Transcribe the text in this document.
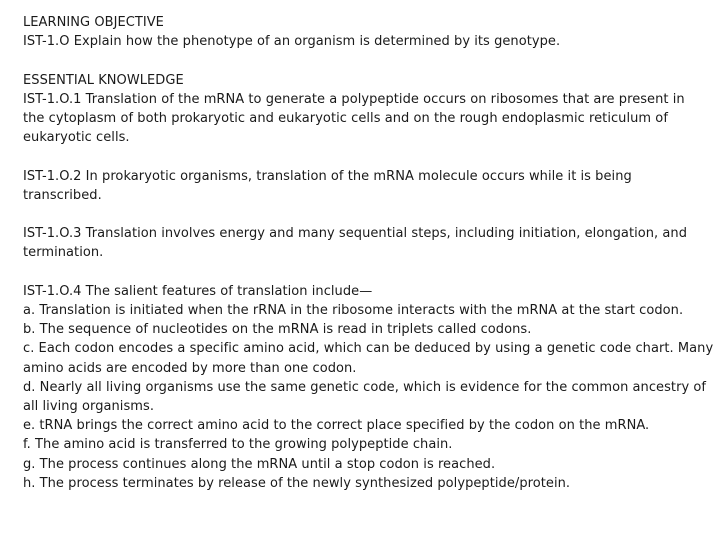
LEARNING OBJECTIVE
IST-1.O Explain how the phenotype of an organism is determined by its genotype.
ESSENTIAL KNOWLEDGE
IST-1.O.1 Translation of the mRNA to generate a polypeptide occurs on ribosomes that are present in
the cytoplasm of both prokaryotic and eukaryotic cells and on the rough endoplasmic reticulum of
eukaryotic cells.
IST-1.O.2 In prokaryotic organisms, translation of the mRNA molecule occurs while it is being
transcribed.
IST-1.O.3 Translation involves energy and many sequential steps, including initiation, elongation, and
termination.
IST-1.O.4 The salient features of translation include—
a. Translation is initiated when the rRNA in the ribosome interacts with the mRNA at the start codon.
b. The sequence of nucleotides on the mRNA is read in triplets called codons.
c. Each codon encodes a specific amino acid, which can be deduced by using a genetic code chart. Many
amino acids are encoded by more than one codon.
d. Nearly all living organisms use the same genetic code, which is evidence for the common ancestry of
all living organisms.
e. tRNA brings the correct amino acid to the correct place specified by the codon on the mRNA.
f. The amino acid is transferred to the growing polypeptide chain.
g. The process continues along the mRNA until a stop codon is reached.
h. The process terminates by release of the newly synthesized polypeptide/protein.
